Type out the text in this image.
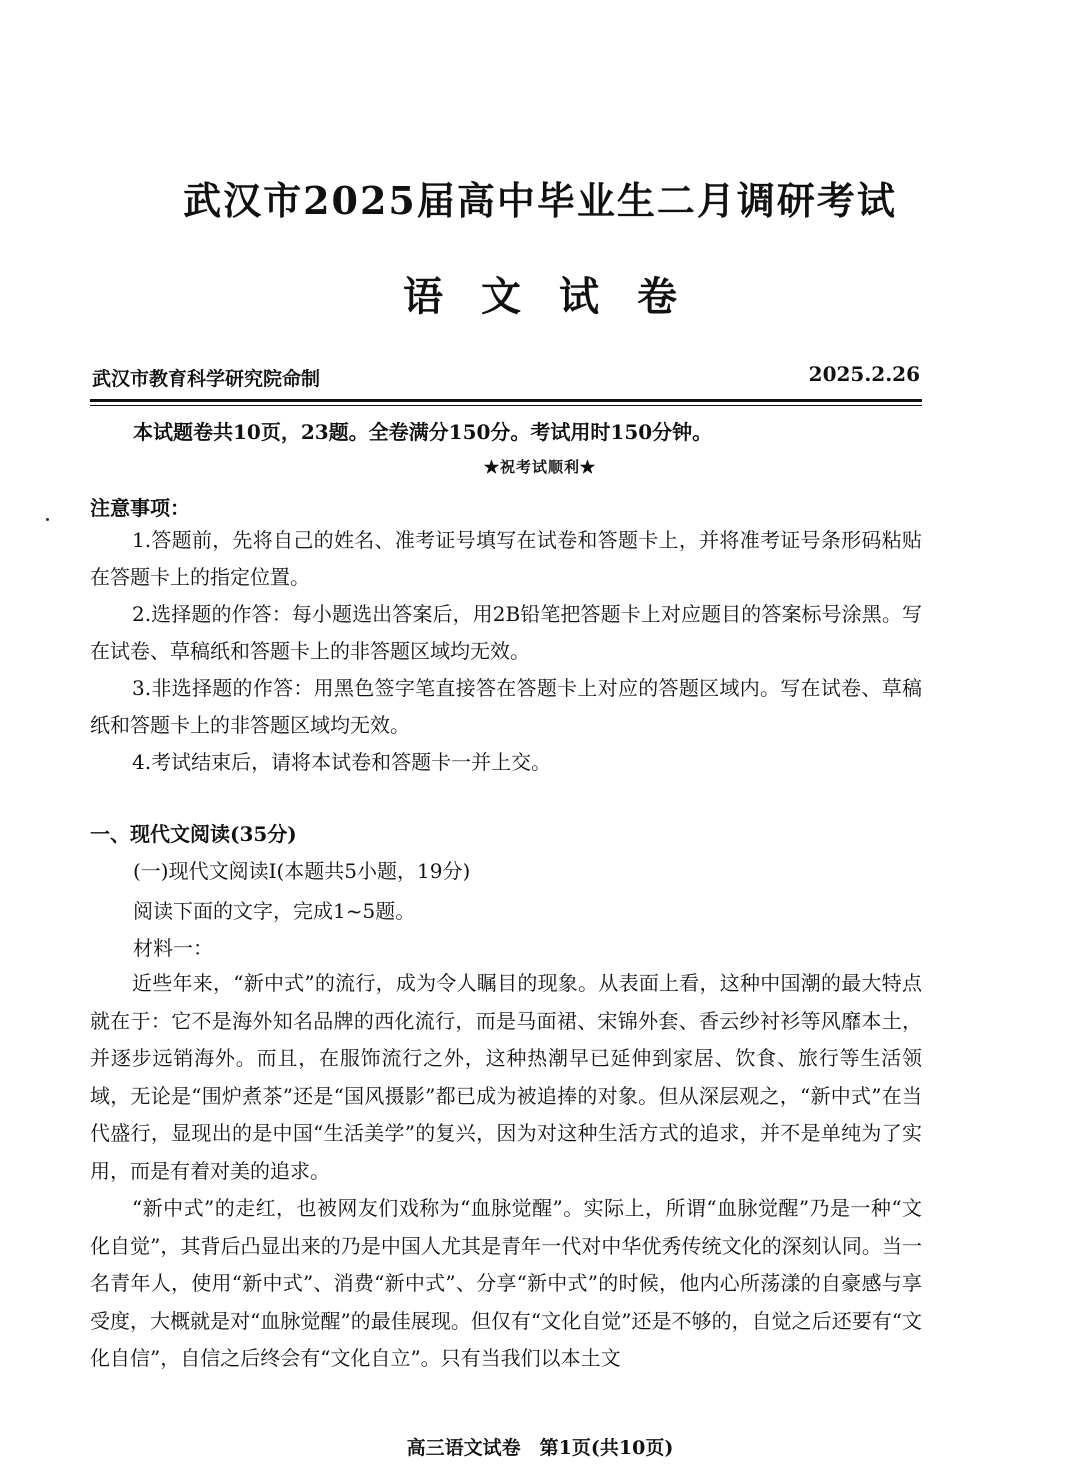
武汉市2025届高中毕业生二月调研考试
语文试卷
武汉市教育科学研究院命制	2025.2.26
本试题卷共10页，23题。全卷满分150分。考试用时150分钟。
★祝考试顺利★
注意事项：

1.答题前，先将自己的姓名、准考证号填写在试卷和答题卡上，并将准考证号条形码粘贴在答题卡上的指定位置。

2.选择题的作答：每小题选出答案后，用2B铅笔把答题卡上对应题目的答案标号涂黑。写在试卷、草稿纸和答题卡上的非答题区域均无效。

3.非选择题的作答：用黑色签字笔直接答在答题卡上对应的答题区域内。写在试卷、草稿纸和答题卡上的非答题区域均无效。

4.考试结束后，请将本试卷和答题卡一并上交。

一、现代文阅读(35分)
(一)现代文阅读Ⅰ(本题共5小题，19分)
阅读下面的文字，完成1~5题。
材料一：

近些年来，“新中式”的流行，成为令人瞩目的现象。从表面上看，这种中国潮的最大特点就在于：它不是海外知名品牌的西化流行，而是马面裙、宋锦外套、香云纱衬衫等风靡本土，并逐步远销海外。而且，在服饰流行之外，这种热潮早已延伸到家居、饮食、旅行等生活领域，无论是“围炉煮茶”还是“国风摄影”都已成为被追捧的对象。但从深层观之，“新中式”在当代盛行，显现出的是中国“生活美学”的复兴，因为对这种生活方式的追求，并不是单纯为了实用，而是有着对美的追求。

“新中式”的走红，也被网友们戏称为“血脉觉醒”。实际上，所谓“血脉觉醒”乃是一种“文化自觉”，其背后凸显出来的乃是中国人尤其是青年一代对中华优秀传统文化的深刻认同。当一名青年人，使用“新中式”、消费“新中式”、分享“新中式”的时候，他内心所荡漾的自豪感与享受度，大概就是对“血脉觉醒”的最佳展现。但仅有“文化自觉”还是不够的，自觉之后还要有“文化自信”，自信之后终会有“文化自立”。只有当我们以本土文

高三语文试卷　第1页(共10页)
